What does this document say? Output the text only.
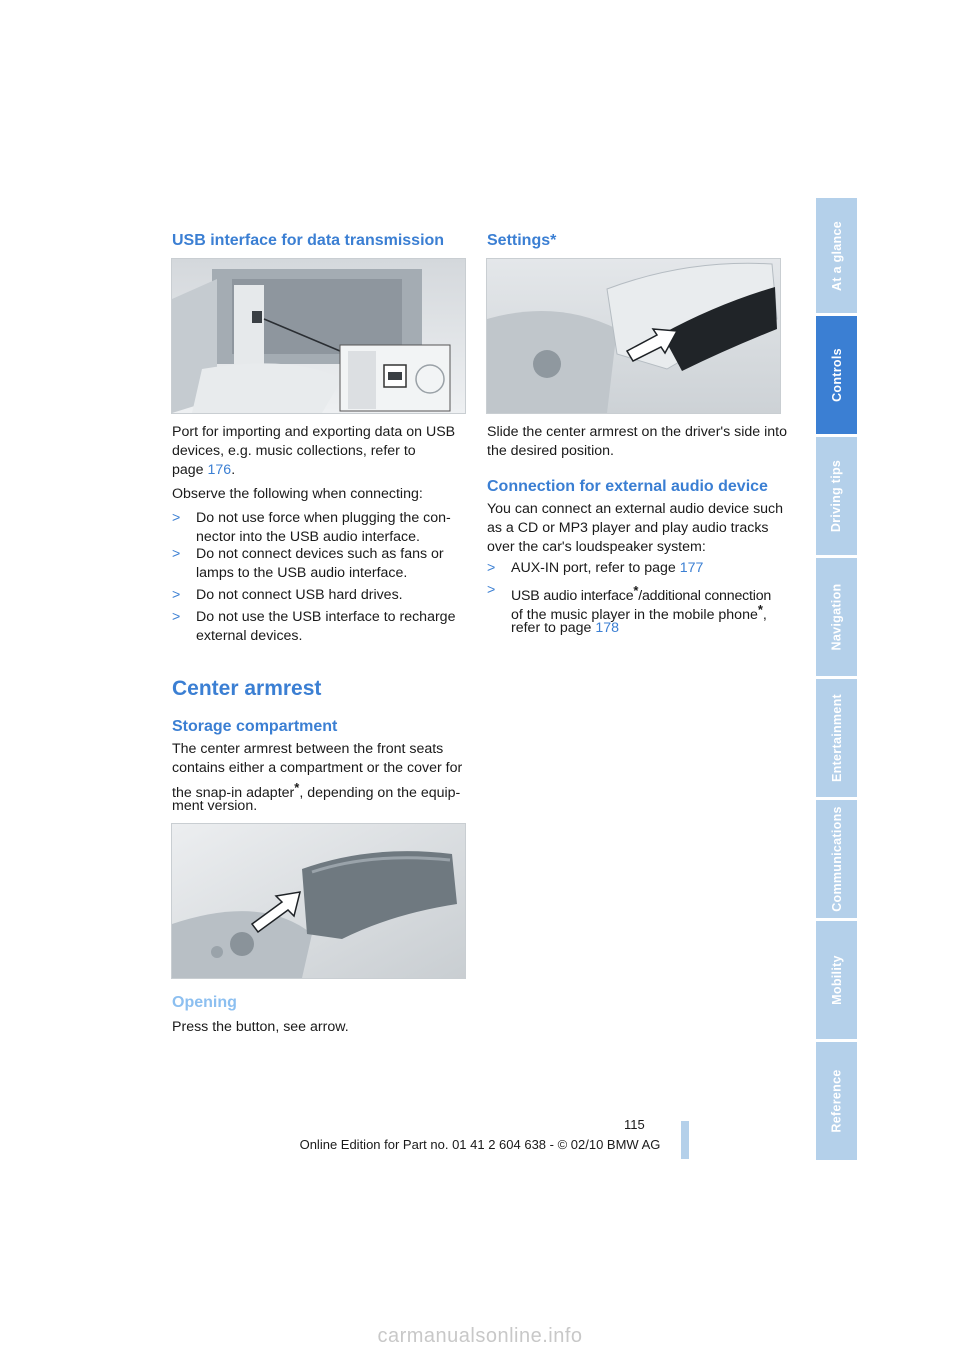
USB interface for data transmission

Port for importing and exporting data on USB

devices, e.g. music collections, refer to

page 176.

Observe the following when connecting:

> Do not use force when plugging the con-
nector into the USB audio interface.
> Do not connect devices such as fans or
lamps to the USB audio interface.
> Do not connect USB hard drives.
> Do not use the USB interface to recharge
external devices.
Center armrest
Storage compartment

The center armrest between the front seats

contains either a compartment or the cover for

the snap-in adapter*, depending on the equip-

ment version.

Opening

Press the button, see arrow.

Settings*

Slide the center armrest on the driver's side into

the desired position.

Connection for external audio device

You can connect an external audio device such

as a CD or MP3 player and play audio tracks

over the car's loudspeaker system:

> AUX-IN port, refer to page 177
> USB audio interface*/additional connection
of the music player in the mobile phone*,
refer to page 178
At a glance
Controls
Driving tips
Navigation
Entertainment
Communications
Mobility
Reference
115
Online Edition for Part no. 01 41 2 604 638 - © 02/10 BMW AG
carmanualsonline.info
